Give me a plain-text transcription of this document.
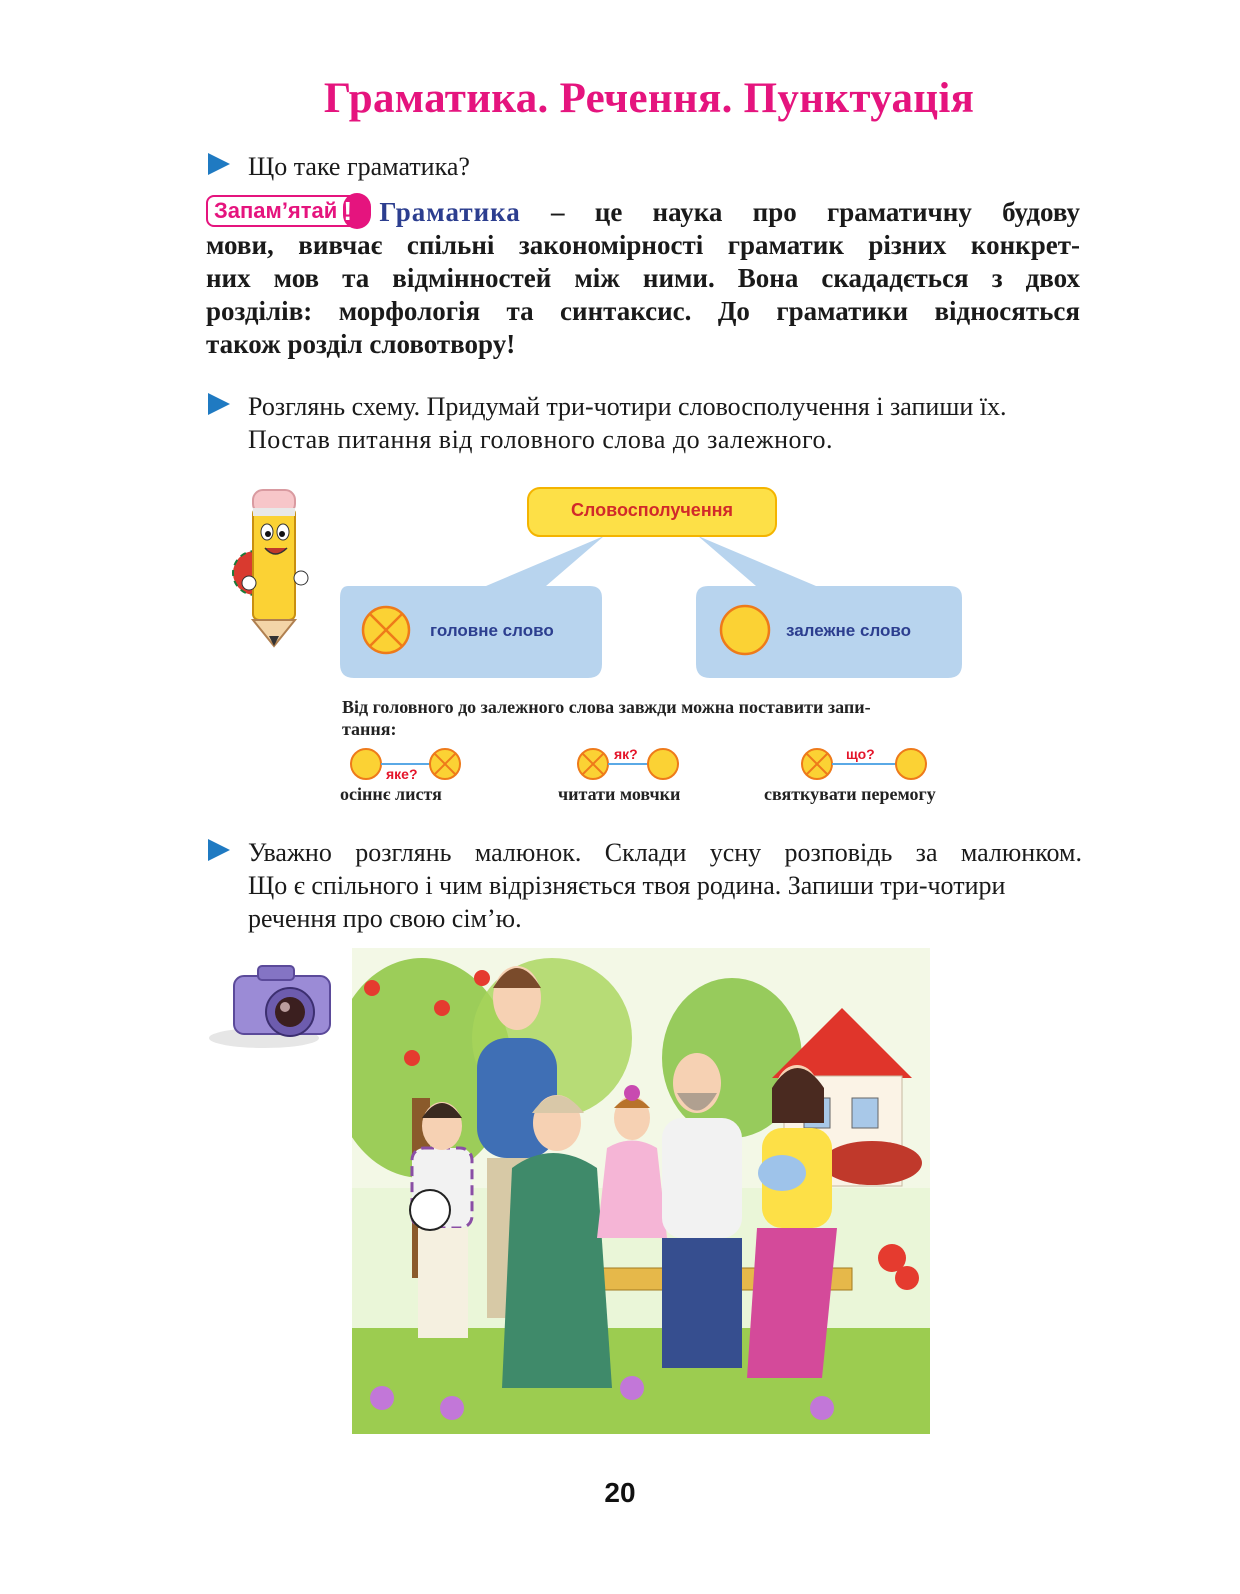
Граматика. Речення. Пунктуація
Що таке граматика?
Запам’ятай !	Граматика – це наука про граматичну будову
мови, вивчає спільні закономірності граматик різних конкрет-
них мов та відмінностей між ними. Вона скададється з двох
розділів: морфологія та синтаксис. До граматики відносяться

також розділ словотвору!
Розглянь схему. Придумай три-чотири словосполучення і запиши їх.
Постав питання від головного слова до залежного.
Словосполучення
головне слово	залежне слово
Від головного до залежного слова завжди можна поставити запи-
тання:
яке?
як?	що?
осіннє листя	читати мовчки	святкувати перемогу
Уважно розглянь малюнок. Склади усну розповідь за малюнком.
Що є спільного і чим відрізняється твоя родина. Запиши три-чотири
речення про свою сім’ю.
20
